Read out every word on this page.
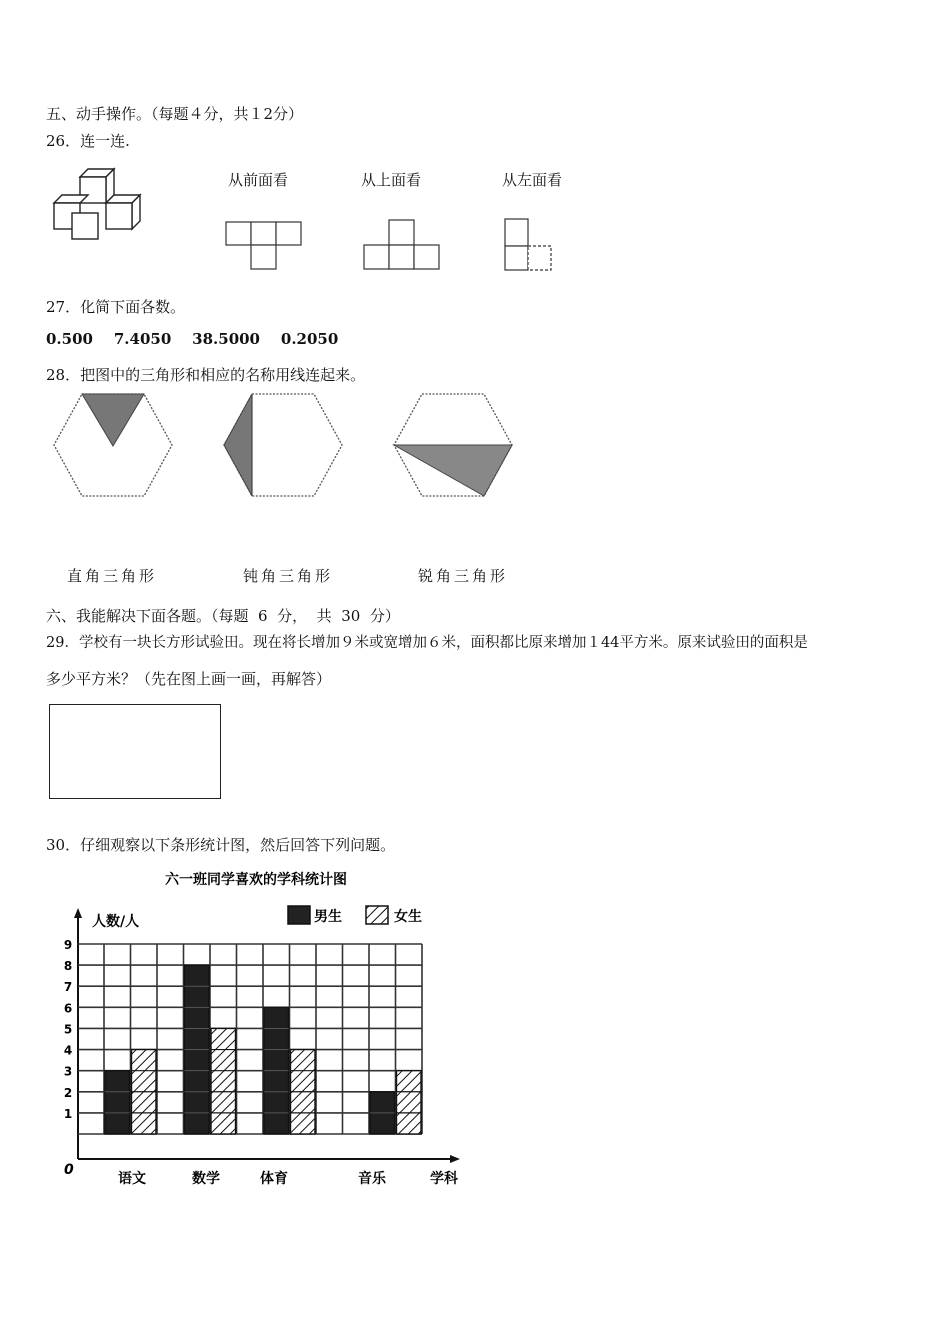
五、动手操作。（每题４分，共１2分）
26．连一连.
从前面看	从上面看	从左面看
27．化简下面各数。
0.500    7.4050    38.5000    0.2050
28．把图中的三角形和相应的名称用线连起来。
直角三角形	钝角三角形	锐角三角形
六、我能解决下面各题。（每题  6  分，  共  30  分）
29．学校有一块长方形试验田。现在将长增加９米或宽增加６米，面积都比原来增加１44平方米。原来试验田的面积是
多少平方米？（先在图上画一画，再解答）
30．仔细观察以下条形统计图，然后回答下列问题。
六一班同学喜欢的学科统计图
人数/人
学科
0
1
2
3
4
5
6
7
8
9
男生	女生
语文	数学	体育	音乐
